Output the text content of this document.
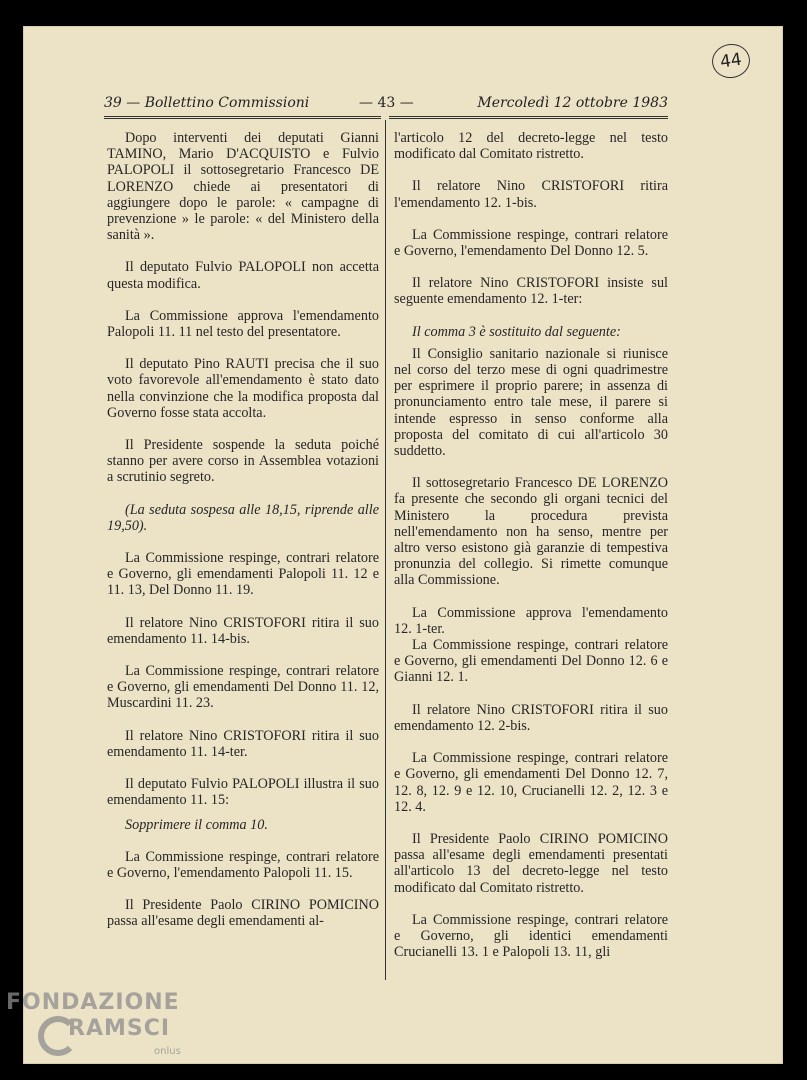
44
39 — Bollettino Commissioni	— 43 —	Mercoledì 12 ottobre 1983

Dopo interventi dei deputati Gianni TAMINO, Mario D'ACQUISTO e Fulvio PALOPOLI il sottosegretario Francesco DE LORENZO chiede ai presentatori di aggiungere dopo le parole: « campagne di prevenzione » le parole: « del Ministero della sanità ».

Il deputato Fulvio PALOPOLI non accetta questa modifica.

La Commissione approva l'emendamento Palopoli 11. 11 nel testo del presentatore.

Il deputato Pino RAUTI precisa che il suo voto favorevole all'emendamento è stato dato nella convinzione che la modifica proposta dal Governo fosse stata accolta.

Il Presidente sospende la seduta poiché stanno per avere corso in Assemblea votazioni a scrutinio segreto.

(La seduta sospesa alle 18,15, riprende alle 19,50).

La Commissione respinge, contrari relatore e Governo, gli emendamenti Palopoli 11. 12 e 11. 13, Del Donno 11. 19.

Il relatore Nino CRISTOFORI ritira il suo emendamento 11. 14-bis.

La Commissione respinge, contrari relatore e Governo, gli emendamenti Del Donno 11. 12, Muscardini 11. 23.

Il relatore Nino CRISTOFORI ritira il suo emendamento 11. 14-ter.

Il deputato Fulvio PALOPOLI illustra il suo emendamento 11. 15:

Sopprimere il comma 10.

La Commissione respinge, contrari relatore e Governo, l'emendamento Palopoli 11. 15.

Il Presidente Paolo CIRINO POMICINO passa all'esame degli emendamenti al-

l'articolo 12 del decreto-legge nel testo modificato dal Comitato ristretto.

Il relatore Nino CRISTOFORI ritira l'emendamento 12. 1-bis.

La Commissione respinge, contrari relatore e Governo, l'emendamento Del Donno 12. 5.

Il relatore Nino CRISTOFORI insiste sul seguente emendamento 12. 1-ter:

Il comma 3 è sostituito dal seguente:

Il Consiglio sanitario nazionale si riunisce nel corso del terzo mese di ogni quadrimestre per esprimere il proprio parere; in assenza di pronunciamento entro tale mese, il parere si intende espresso in senso conforme alla proposta del comitato di cui all'articolo 30 suddetto.

Il sottosegretario Francesco DE LORENZO fa presente che secondo gli organi tecnici del Ministero la procedura prevista nell'emendamento non ha senso, mentre per altro verso esistono già garanzie di tempestiva pronunzia del collegio. Si rimette comunque alla Commissione.

La Commissione approva l'emendamento 12. 1-ter.

La Commissione respinge, contrari relatore e Governo, gli emendamenti Del Donno 12. 6 e Gianni 12. 1.

Il relatore Nino CRISTOFORI ritira il suo emendamento 12. 2-bis.

La Commissione respinge, contrari relatore e Governo, gli emendamenti Del Donno 12. 7, 12. 8, 12. 9 e 12. 10, Crucianelli 12. 2, 12. 3 e 12. 4.

Il Presidente Paolo CIRINO POMICINO passa all'esame degli emendamenti presentati all'articolo 13 del decreto-legge nel testo modificato dal Comitato ristretto.

La Commissione respinge, contrari relatore e Governo, gli identici emendamenti Crucianelli 13. 1 e Palopoli 13. 11, gli

FONDAZIONE
RAMSCI
onlus
